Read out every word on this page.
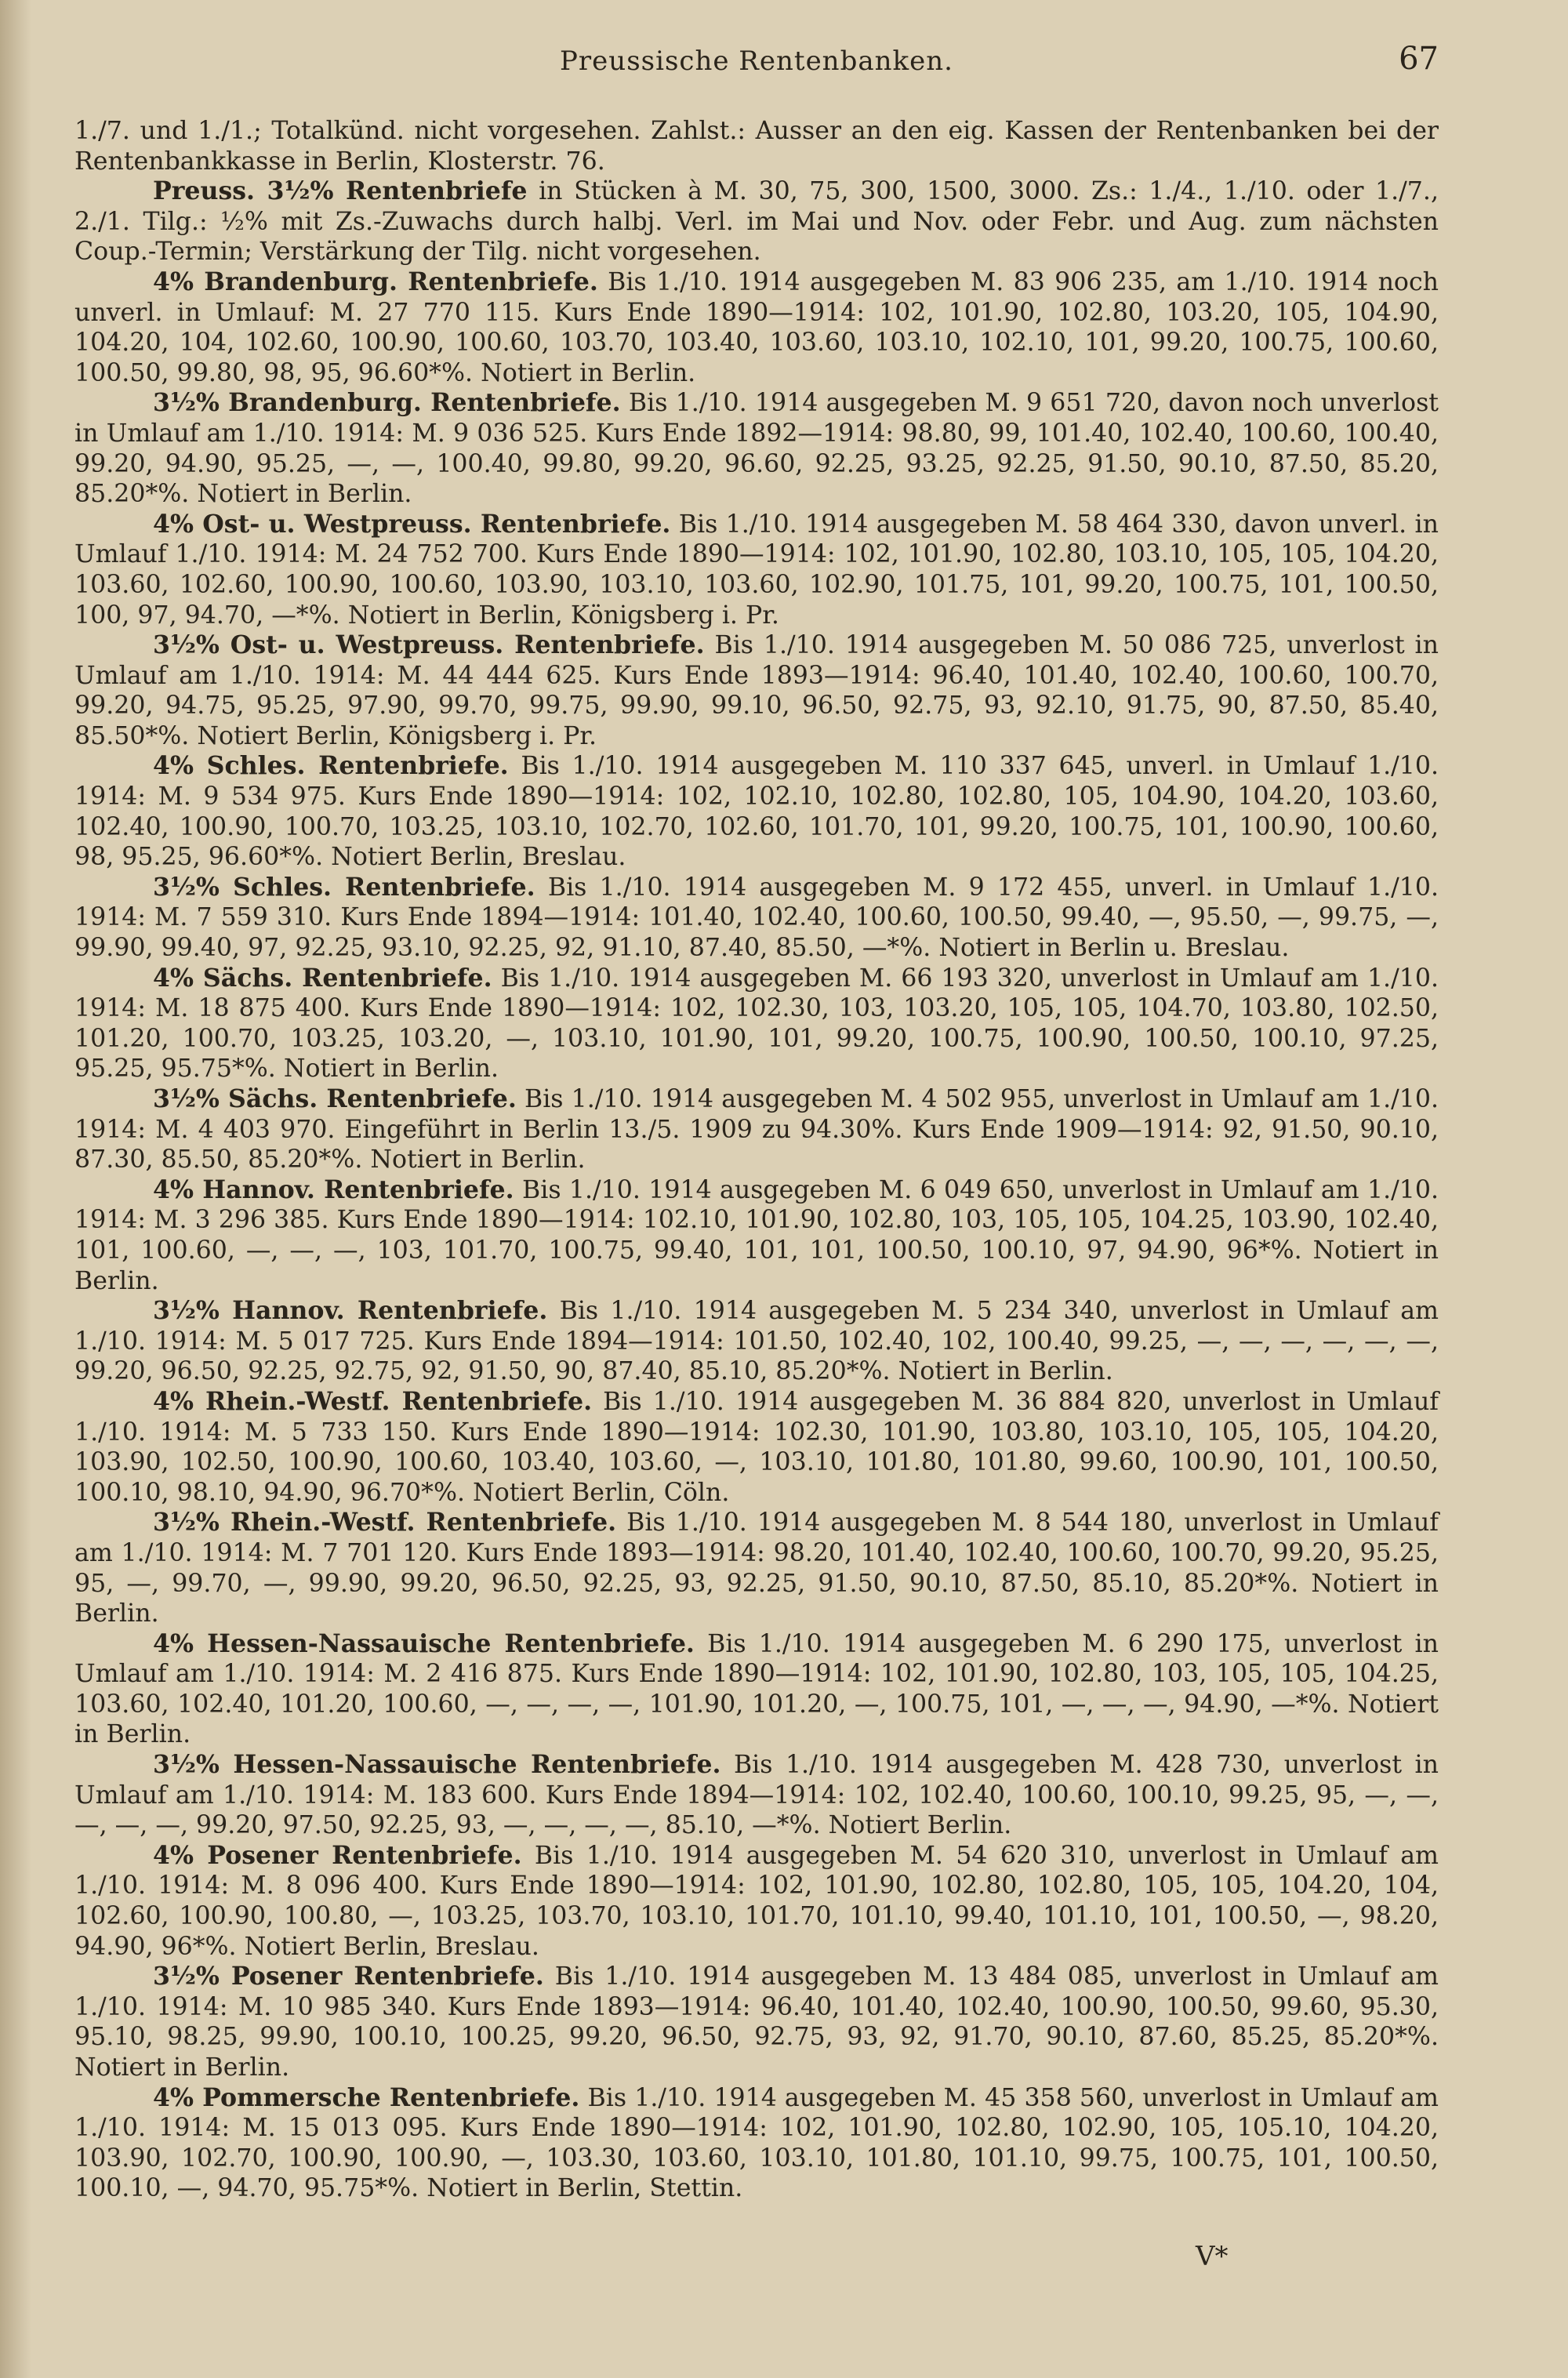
Preussische Rentenbanken.	67

1./7. und 1./1.; Totalkünd. nicht vorgesehen. Zahlst.: Ausser an den eig. Kassen der Rentenbanken bei der Rentenbankkasse in Berlin, Klosterstr. 76.

Preuss. 3½% Rentenbriefe in Stücken à M. 30, 75, 300, 1500, 3000. Zs.: 1./4., 1./10. oder 1./7., 2./1. Tilg.: ½% mit Zs.-Zuwachs durch halbj. Verl. im Mai und Nov. oder Febr. und Aug. zum nächsten Coup.-Termin; Verstärkung der Tilg. nicht vorgesehen.

4% Brandenburg. Rentenbriefe. Bis 1./10. 1914 ausgegeben M. 83 906 235, am 1./10. 1914 noch unverl. in Umlauf: M. 27 770 115. Kurs Ende 1890—1914: 102, 101.90, 102.80, 103.20, 105, 104.90, 104.20, 104, 102.60, 100.90, 100.60, 103.70, 103.40, 103.60, 103.10, 102.10, 101, 99.20, 100.75, 100.60, 100.50, 99.80, 98, 95, 96.60*%. Notiert in Berlin.

3½% Brandenburg. Rentenbriefe. Bis 1./10. 1914 ausgegeben M. 9 651 720, davon noch unverlost in Umlauf am 1./10. 1914: M. 9 036 525. Kurs Ende 1892—1914: 98.80, 99, 101.40, 102.40, 100.60, 100.40, 99.20, 94.90, 95.25, —, —, 100.40, 99.80, 99.20, 96.60, 92.25, 93.25, 92.25, 91.50, 90.10, 87.50, 85.20, 85.20*%. Notiert in Berlin.

4% Ost- u. Westpreuss. Rentenbriefe. Bis 1./10. 1914 ausgegeben M. 58 464 330, davon unverl. in Umlauf 1./10. 1914: M. 24 752 700. Kurs Ende 1890—1914: 102, 101.90, 102.80, 103.10, 105, 105, 104.20, 103.60, 102.60, 100.90, 100.60, 103.90, 103.10, 103.60, 102.90, 101.75, 101, 99.20, 100.75, 101, 100.50, 100, 97, 94.70, —*%. Notiert in Berlin, Königsberg i. Pr.

3½% Ost- u. Westpreuss. Rentenbriefe. Bis 1./10. 1914 ausgegeben M. 50 086 725, unverlost in Umlauf am 1./10. 1914: M. 44 444 625. Kurs Ende 1893—1914: 96.40, 101.40, 102.40, 100.60, 100.70, 99.20, 94.75, 95.25, 97.90, 99.70, 99.75, 99.90, 99.10, 96.50, 92.75, 93, 92.10, 91.75, 90, 87.50, 85.40, 85.50*%. Notiert Berlin, Königsberg i. Pr.

4% Schles. Rentenbriefe. Bis 1./10. 1914 ausgegeben M. 110 337 645, unverl. in Umlauf 1./10. 1914: M. 9 534 975. Kurs Ende 1890—1914: 102, 102.10, 102.80, 102.80, 105, 104.90, 104.20, 103.60, 102.40, 100.90, 100.70, 103.25, 103.10, 102.70, 102.60, 101.70, 101, 99.20, 100.75, 101, 100.90, 100.60, 98, 95.25, 96.60*%. Notiert Berlin, Breslau.

3½% Schles. Rentenbriefe. Bis 1./10. 1914 ausgegeben M. 9 172 455, unverl. in Umlauf 1./10. 1914: M. 7 559 310. Kurs Ende 1894—1914: 101.40, 102.40, 100.60, 100.50, 99.40, —, 95.50, —, 99.75, —, 99.90, 99.40, 97, 92.25, 93.10, 92.25, 92, 91.10, 87.40, 85.50, —*%. Notiert in Berlin u. Breslau.

4% Sächs. Rentenbriefe. Bis 1./10. 1914 ausgegeben M. 66 193 320, unverlost in Umlauf am 1./10. 1914: M. 18 875 400. Kurs Ende 1890—1914: 102, 102.30, 103, 103.20, 105, 105, 104.70, 103.80, 102.50, 101.20, 100.70, 103.25, 103.20, —, 103.10, 101.90, 101, 99.20, 100.75, 100.90, 100.50, 100.10, 97.25, 95.25, 95.75*%. Notiert in Berlin.

3½% Sächs. Rentenbriefe. Bis 1./10. 1914 ausgegeben M. 4 502 955, unverlost in Umlauf am 1./10. 1914: M. 4 403 970. Eingeführt in Berlin 13./5. 1909 zu 94.30%. Kurs Ende 1909—1914: 92, 91.50, 90.10, 87.30, 85.50, 85.20*%. Notiert in Berlin.

4% Hannov. Rentenbriefe. Bis 1./10. 1914 ausgegeben M. 6 049 650, unverlost in Umlauf am 1./10. 1914: M. 3 296 385. Kurs Ende 1890—1914: 102.10, 101.90, 102.80, 103, 105, 105, 104.25, 103.90, 102.40, 101, 100.60, —, —, —, 103, 101.70, 100.75, 99.40, 101, 101, 100.50, 100.10, 97, 94.90, 96*%. Notiert in Berlin.

3½% Hannov. Rentenbriefe. Bis 1./10. 1914 ausgegeben M. 5 234 340, unverlost in Umlauf am 1./10. 1914: M. 5 017 725. Kurs Ende 1894—1914: 101.50, 102.40, 102, 100.40, 99.25, —, —, —, —, —, —, 99.20, 96.50, 92.25, 92.75, 92, 91.50, 90, 87.40, 85.10, 85.20*%. Notiert in Berlin.

4% Rhein.-Westf. Rentenbriefe. Bis 1./10. 1914 ausgegeben M. 36 884 820, unverlost in Umlauf 1./10. 1914: M. 5 733 150. Kurs Ende 1890—1914: 102.30, 101.90, 103.80, 103.10, 105, 105, 104.20, 103.90, 102.50, 100.90, 100.60, 103.40, 103.60, —, 103.10, 101.80, 101.80, 99.60, 100.90, 101, 100.50, 100.10, 98.10, 94.90, 96.70*%. Notiert Berlin, Cöln.

3½% Rhein.-Westf. Rentenbriefe. Bis 1./10. 1914 ausgegeben M. 8 544 180, unverlost in Umlauf am 1./10. 1914: M. 7 701 120. Kurs Ende 1893—1914: 98.20, 101.40, 102.40, 100.60, 100.70, 99.20, 95.25, 95, —, 99.70, —, 99.90, 99.20, 96.50, 92.25, 93, 92.25, 91.50, 90.10, 87.50, 85.10, 85.20*%. Notiert in Berlin.

4% Hessen-Nassauische Rentenbriefe. Bis 1./10. 1914 ausgegeben M. 6 290 175, unverlost in Umlauf am 1./10. 1914: M. 2 416 875. Kurs Ende 1890—1914: 102, 101.90, 102.80, 103, 105, 105, 104.25, 103.60, 102.40, 101.20, 100.60, —, —, —, —, 101.90, 101.20, —, 100.75, 101, —, —, —, 94.90, —*%. Notiert in Berlin.

3½% Hessen-Nassauische Rentenbriefe. Bis 1./10. 1914 ausgegeben M. 428 730, unverlost in Umlauf am 1./10. 1914: M. 183 600. Kurs Ende 1894—1914: 102, 102.40, 100.60, 100.10, 99.25, 95, —, —, —, —, —, 99.20, 97.50, 92.25, 93, —, —, —, —, 85.10, —*%. Notiert Berlin.

4% Posener Rentenbriefe. Bis 1./10. 1914 ausgegeben M. 54 620 310, unverlost in Umlauf am 1./10. 1914: M. 8 096 400. Kurs Ende 1890—1914: 102, 101.90, 102.80, 102.80, 105, 105, 104.20, 104, 102.60, 100.90, 100.80, —, 103.25, 103.70, 103.10, 101.70, 101.10, 99.40, 101.10, 101, 100.50, —, 98.20, 94.90, 96*%. Notiert Berlin, Breslau.

3½% Posener Rentenbriefe. Bis 1./10. 1914 ausgegeben M. 13 484 085, unverlost in Umlauf am 1./10. 1914: M. 10 985 340. Kurs Ende 1893—1914: 96.40, 101.40, 102.40, 100.90, 100.50, 99.60, 95.30, 95.10, 98.25, 99.90, 100.10, 100.25, 99.20, 96.50, 92.75, 93, 92, 91.70, 90.10, 87.60, 85.25, 85.20*%. Notiert in Berlin.

4% Pommersche Rentenbriefe. Bis 1./10. 1914 ausgegeben M. 45 358 560, unverlost in Umlauf am 1./10. 1914: M. 15 013 095. Kurs Ende 1890—1914: 102, 101.90, 102.80, 102.90, 105, 105.10, 104.20, 103.90, 102.70, 100.90, 100.90, —, 103.30, 103.60, 103.10, 101.80, 101.10, 99.75, 100.75, 101, 100.50, 100.10, —, 94.70, 95.75*%. Notiert in Berlin, Stettin.

V*
